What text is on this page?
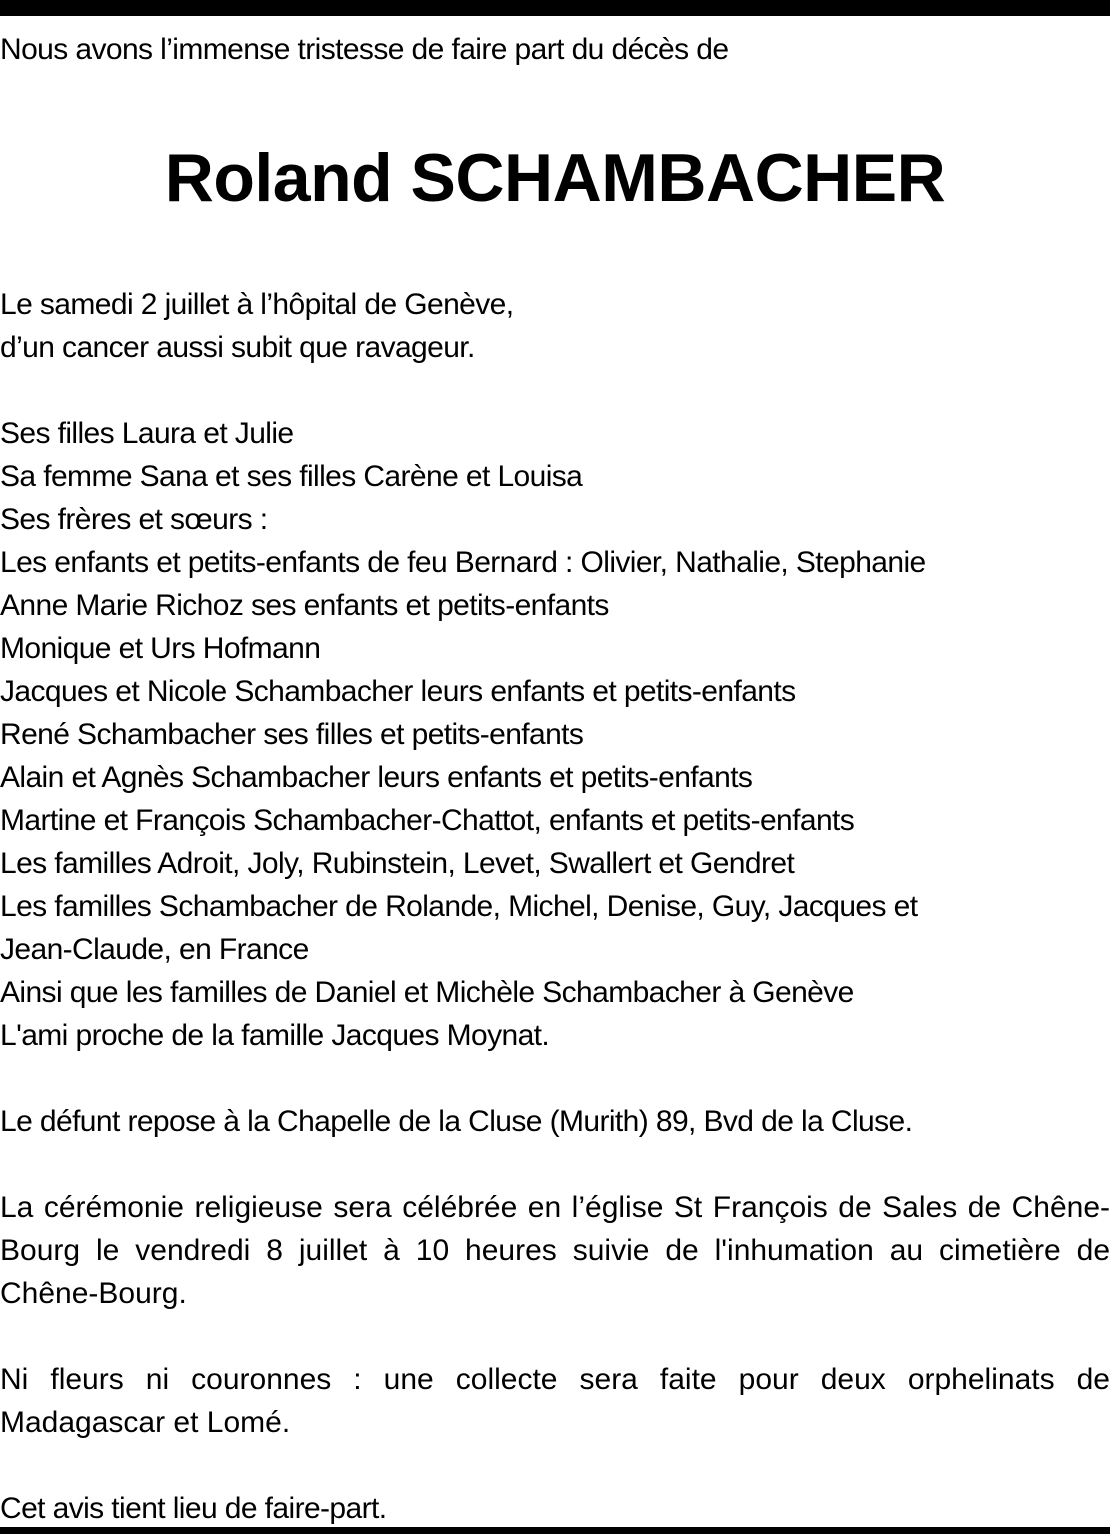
Nous avons l’immense tristesse de faire part du décès de

Roland SCHAMBACHER

Le samedi 2 juillet à l’hôpital de Genève,
d’un cancer aussi subit que ravageur.

Ses filles Laura et Julie
Sa femme Sana et ses filles Carène et Louisa
Ses frères et sœurs :
Les enfants et petits-enfants de feu Bernard : Olivier, Nathalie, Stephanie
Anne Marie Richoz ses enfants et petits-enfants
Monique et Urs Hofmann
Jacques et Nicole Schambacher leurs enfants et petits-enfants
René Schambacher ses filles et petits-enfants
Alain et Agnès Schambacher leurs enfants et petits-enfants
Martine et François Schambacher-Chattot, enfants et petits-enfants
Les familles Adroit, Joly, Rubinstein, Levet, Swallert et Gendret
Les familles Schambacher de Rolande, Michel, Denise, Guy, Jacques et
Jean-Claude, en France
Ainsi que les familles de Daniel et Michèle Schambacher à Genève
L'ami proche de la famille Jacques Moynat.

Le défunt repose à la Chapelle de la Cluse (Murith) 89, Bvd de la Cluse.

La cérémonie religieuse sera célébrée en l’église St François de Sales de Chêne-Bourg le vendredi 8 juillet à 10 heures suivie de l'inhumation au cimetière de Chêne-Bourg.

Ni fleurs ni couronnes : une collecte sera faite pour deux orphelinats de Madagascar et Lomé.

Cet avis tient lieu de faire-part.
